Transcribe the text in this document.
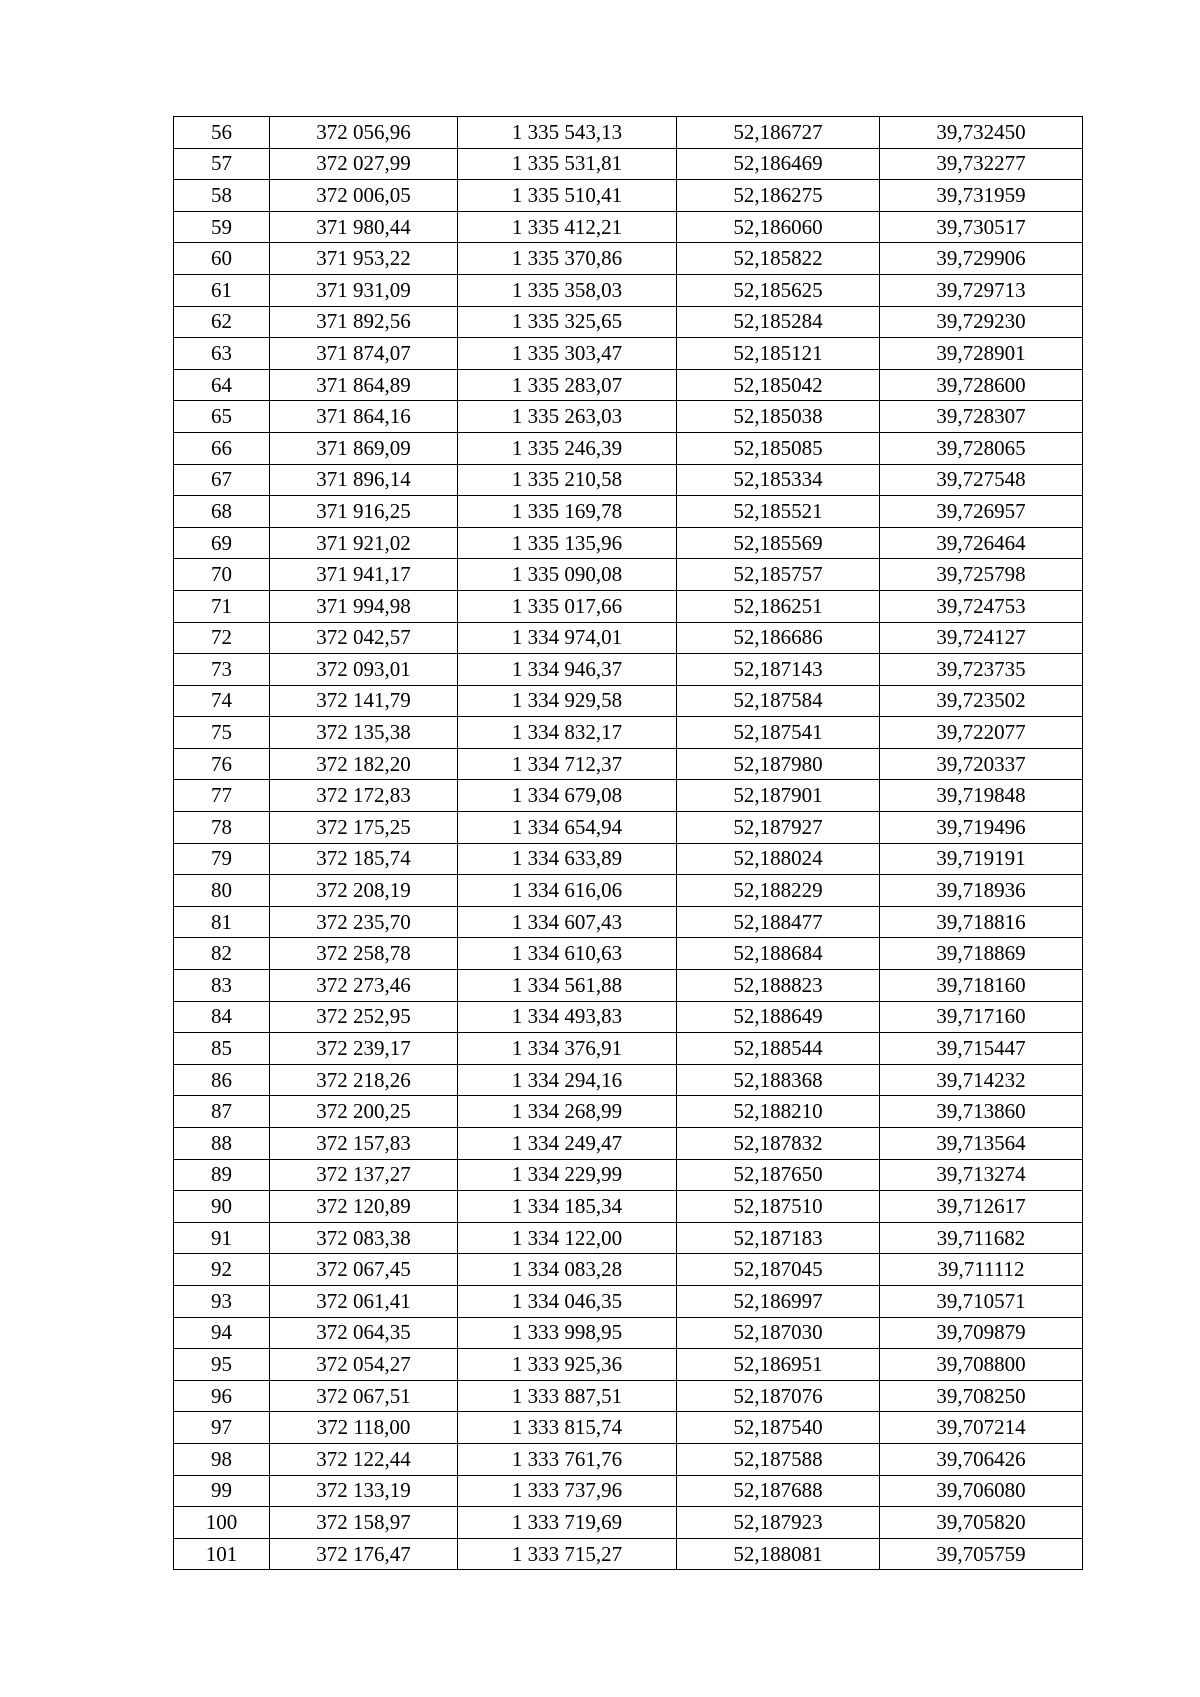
56	372 056,96	1 335 543,13	52,186727	39,732450
57	372 027,99	1 335 531,81	52,186469	39,732277
58	372 006,05	1 335 510,41	52,186275	39,731959
59	371 980,44	1 335 412,21	52,186060	39,730517
60	371 953,22	1 335 370,86	52,185822	39,729906
61	371 931,09	1 335 358,03	52,185625	39,729713
62	371 892,56	1 335 325,65	52,185284	39,729230
63	371 874,07	1 335 303,47	52,185121	39,728901
64	371 864,89	1 335 283,07	52,185042	39,728600
65	371 864,16	1 335 263,03	52,185038	39,728307
66	371 869,09	1 335 246,39	52,185085	39,728065
67	371 896,14	1 335 210,58	52,185334	39,727548
68	371 916,25	1 335 169,78	52,185521	39,726957
69	371 921,02	1 335 135,96	52,185569	39,726464
70	371 941,17	1 335 090,08	52,185757	39,725798
71	371 994,98	1 335 017,66	52,186251	39,724753
72	372 042,57	1 334 974,01	52,186686	39,724127
73	372 093,01	1 334 946,37	52,187143	39,723735
74	372 141,79	1 334 929,58	52,187584	39,723502
75	372 135,38	1 334 832,17	52,187541	39,722077
76	372 182,20	1 334 712,37	52,187980	39,720337
77	372 172,83	1 334 679,08	52,187901	39,719848
78	372 175,25	1 334 654,94	52,187927	39,719496
79	372 185,74	1 334 633,89	52,188024	39,719191
80	372 208,19	1 334 616,06	52,188229	39,718936
81	372 235,70	1 334 607,43	52,188477	39,718816
82	372 258,78	1 334 610,63	52,188684	39,718869
83	372 273,46	1 334 561,88	52,188823	39,718160
84	372 252,95	1 334 493,83	52,188649	39,717160
85	372 239,17	1 334 376,91	52,188544	39,715447
86	372 218,26	1 334 294,16	52,188368	39,714232
87	372 200,25	1 334 268,99	52,188210	39,713860
88	372 157,83	1 334 249,47	52,187832	39,713564
89	372 137,27	1 334 229,99	52,187650	39,713274
90	372 120,89	1 334 185,34	52,187510	39,712617
91	372 083,38	1 334 122,00	52,187183	39,711682
92	372 067,45	1 334 083,28	52,187045	39,711112
93	372 061,41	1 334 046,35	52,186997	39,710571
94	372 064,35	1 333 998,95	52,187030	39,709879
95	372 054,27	1 333 925,36	52,186951	39,708800
96	372 067,51	1 333 887,51	52,187076	39,708250
97	372 118,00	1 333 815,74	52,187540	39,707214
98	372 122,44	1 333 761,76	52,187588	39,706426
99	372 133,19	1 333 737,96	52,187688	39,706080
100	372 158,97	1 333 719,69	52,187923	39,705820
101	372 176,47	1 333 715,27	52,188081	39,705759
